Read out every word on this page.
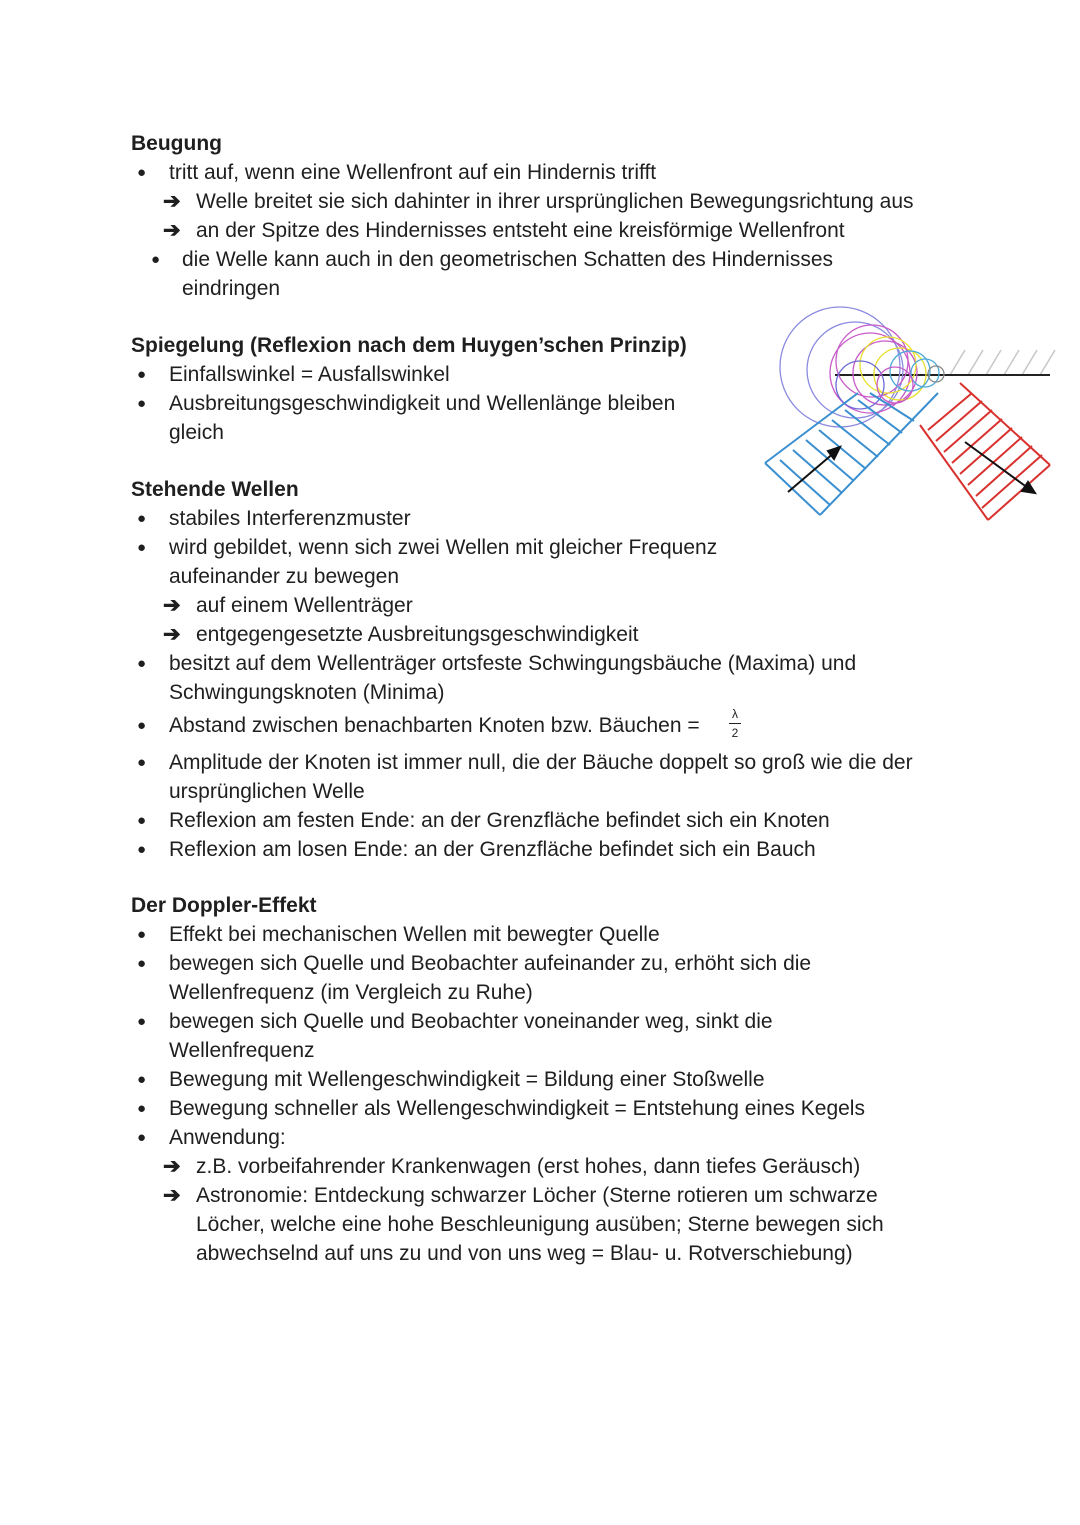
Beugung
● tritt auf, wenn eine Wellenfront auf ein Hindernis trifft
➔ Welle breitet sie sich dahinter in ihrer ursprünglichen Bewegungsrichtung aus
➔ an der Spitze des Hindernisses entsteht eine kreisförmige Wellenfront
● die Welle kann auch in den geometrischen Schatten des Hindernisses
eindringen
Spiegelung (Reflexion nach dem Huygen’schen Prinzip)
● Einfallswinkel = Ausfallswinkel
● Ausbreitungsgeschwindigkeit und Wellenlänge bleiben
gleich
Stehende Wellen
● stabiles Interferenzmuster
● wird gebildet, wenn sich zwei Wellen mit gleicher Frequenz
aufeinander zu bewegen
➔ auf einem Wellenträger
➔ entgegengesetzte Ausbreitungsgeschwindigkeit
● besitzt auf dem Wellenträger ortsfeste Schwingungsbäuche (Maxima) und
Schwingungsknoten (Minima)
● Abstand zwischen benachbarten Knoten bzw. Bäuchen =	λ
2
● Amplitude der Knoten ist immer null, die der Bäuche doppelt so groß wie die der
ursprünglichen Welle
● Reflexion am festen Ende: an der Grenzfläche befindet sich ein Knoten
● Reflexion am losen Ende: an der Grenzfläche befindet sich ein Bauch
Der Doppler-Effekt
● Effekt bei mechanischen Wellen mit bewegter Quelle
● bewegen sich Quelle und Beobachter aufeinander zu, erhöht sich die
Wellenfrequenz (im Vergleich zu Ruhe)
● bewegen sich Quelle und Beobachter voneinander weg, sinkt die
Wellenfrequenz
● Bewegung mit Wellengeschwindigkeit = Bildung einer Stoßwelle
● Bewegung schneller als Wellengeschwindigkeit = Entstehung eines Kegels
● Anwendung:
➔ z.B. vorbeifahrender Krankenwagen (erst hohes, dann tiefes Geräusch)
➔ Astronomie: Entdeckung schwarzer Löcher (Sterne rotieren um schwarze
Löcher, welche eine hohe Beschleunigung ausüben; Sterne bewegen sich
abwechselnd auf uns zu und von uns weg = Blau- u. Rotverschiebung)
